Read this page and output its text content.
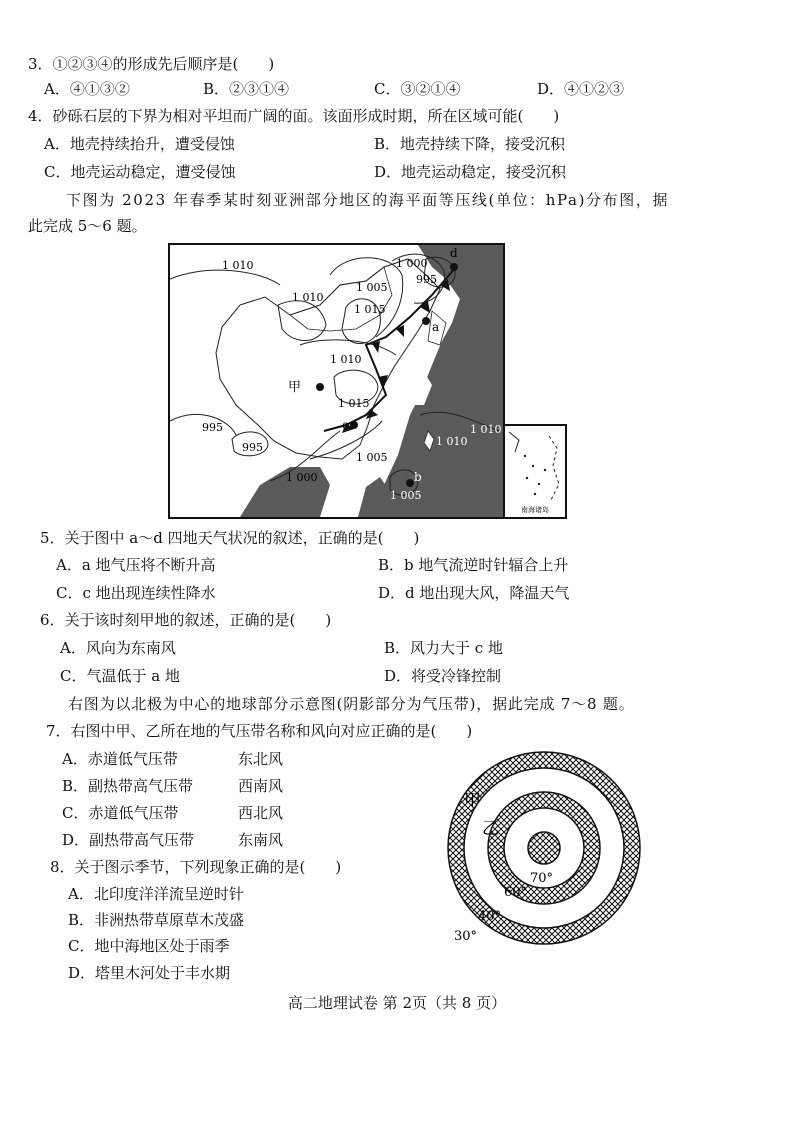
3．①②③④的形成先后顺序是(　　)
A．④①③②	B．②③①④	C．③②①④	D．④①②③
4．砂砾石层的下界为相对平坦而广阔的面。该面形成时期，所在区域可能(　　)
A．地壳持续抬升，遭受侵蚀	B．地壳持续下降，接受沉积
C．地壳运动稳定，遭受侵蚀	D．地壳运动稳定，接受沉积
下图为 2023 年春季某时刻亚洲部分地区的海平面等压线(单位：hPa)分布图，据
此完成 5～6 题。
1 010
1 010
1 005
1 000
995
1 015
1 010
1 015
995
995
1 000
1 005
1 010
1 010
1 005
a
b
c
d
甲
南海诸岛
5．关于图中 a～d 四地天气状况的叙述，正确的是(　　)
A．a 地气压将不断升高	B．b 地气流逆时针辐合上升
C．c 地出现连续性降水	D．d 地出现大风，降温天气
6．关于该时刻甲地的叙述，正确的是(　　)
A．风向为东南风	B．风力大于 c 地
C．气温低于 a 地	D．将受冷锋控制
右图为以北极为中心的地球部分示意图(阴影部分为气压带)，据此完成 7～8 题。
7．右图中甲、乙所在地的气压带名称和风向对应正确的是(　　)
A．赤道低气压带	东北风
B．副热带高气压带	西南风
C．赤道低气压带	西北风
D．副热带高气压带	东南风
8．关于图示季节，下列现象正确的是(　　)
A．北印度洋洋流呈逆时针
B．非洲热带草原草木茂盛
C．地中海地区处于雨季
D．塔里木河处于丰水期
甲
乙
70°
60°
40°
30°
高二地理试卷 第 2页（共 8 页）
